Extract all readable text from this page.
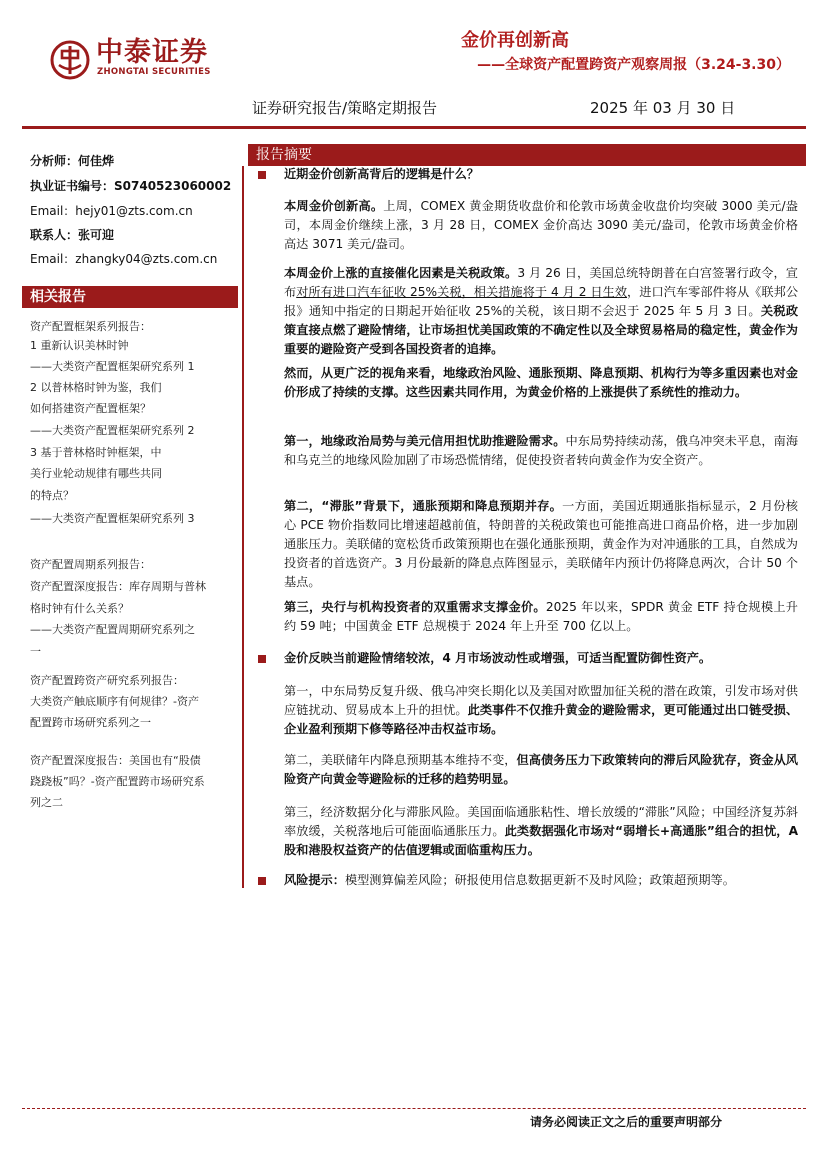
中泰证券
ZHONGTAI SECURITIES
金价再创新高
——全球资产配置跨资产观察周报（3.24-3.30）
证券研究报告/策略定期报告	2025 年 03 月 30 日
分析师：何佳烨
执业证书编号：S0740523060002
Email：hejy01@zts.com.cn
联系人：张可迎
Email：zhangky04@zts.com.cn
相关报告
资产配置框架系列报告：
1 重新认识美林时钟
——大类资产配置框架研究系列 1
2 以普林格时钟为鉴，我们
如何搭建资产配置框架？
——大类资产配置框架研究系列 2
3 基于普林格时钟框架，中
美行业轮动规律有哪些共同
的特点？
——大类资产配置框架研究系列 3
资产配置周期系列报告：
资产配置深度报告：库存周期与普林
格时钟有什么关系？
——大类资产配置周期研究系列之
一
资产配置跨资产研究系列报告：
大类资产触底顺序有何规律？-资产
配置跨市场研究系列之一
资产配置深度报告：美国也有“股债
跷跷板”吗？-资产配置跨市场研究系
列之二
报告摘要
近期金价创新高背后的逻辑是什么？
本周金价创新高。上周，COMEX 黄金期货收盘价和伦敦市场黄金收盘价均突破 3000 美元/盎司，本周金价继续上涨，3 月 28 日，COMEX 金价高达 3090 美元/盎司，伦敦市场黄金价格高达 3071 美元/盎司。
本周金价上涨的直接催化因素是关税政策。3 月 26 日，美国总统特朗普在白宫签署行政令，宣布对所有进口汽车征收 25%关税，相关措施将于 4 月 2 日生效，进口汽车零部件将从《联邦公报》通知中指定的日期起开始征收 25%的关税，该日期不会迟于 2025 年 5 月 3 日。关税政策直接点燃了避险情绪，让市场担忧美国政策的不确定性以及全球贸易格局的稳定性，黄金作为重要的避险资产受到各国投资者的追捧。
然而，从更广泛的视角来看，地缘政治风险、通胀预期、降息预期、机构行为等多重因素也对金价形成了持续的支撑。这些因素共同作用，为黄金价格的上涨提供了系统性的推动力。
第一，地缘政治局势与美元信用担忧助推避险需求。中东局势持续动荡，俄乌冲突未平息，南海和乌克兰的地缘风险加剧了市场恐慌情绪，促使投资者转向黄金作为安全资产。
第二，“滞胀”背景下，通胀预期和降息预期并存。一方面，美国近期通胀指标显示，2 月份核心 PCE 物价指数同比增速超越前值，特朗普的关税政策也可能推高进口商品价格，进一步加剧通胀压力。美联储的宽松货币政策预期也在强化通胀预期，黄金作为对冲通胀的工具，自然成为投资者的首选资产。3 月份最新的降息点阵图显示，美联储年内预计仍将降息两次，合计 50 个基点。
第三，央行与机构投资者的双重需求支撑金价。2025 年以来，SPDR 黄金 ETF 持仓规模上升约 59 吨；中国黄金 ETF 总规模于 2024 年上升至 700 亿以上。
金价反映当前避险情绪较浓，4 月市场波动性或增强，可适当配置防御性资产。
第一，中东局势反复升级、俄乌冲突长期化以及美国对欧盟加征关税的潜在政策，引发市场对供应链扰动、贸易成本上升的担忧。此类事件不仅推升黄金的避险需求，更可能通过出口链受损、企业盈利预期下修等路径冲击权益市场。
第二，美联储年内降息预期基本维持不变，但高债务压力下政策转向的滞后风险犹存，资金从风险资产向黄金等避险标的迁移的趋势明显。
第三，经济数据分化与滞胀风险。美国面临通胀粘性、增长放缓的“滞胀”风险；中国经济复苏斜率放缓，关税落地后可能面临通胀压力。此类数据强化市场对“弱增长+高通胀”组合的担忧，A 股和港股权益资产的估值逻辑或面临重构压力。
风险提示：模型测算偏差风险；研报使用信息数据更新不及时风险；政策超预期等。
请务必阅读正文之后的重要声明部分
